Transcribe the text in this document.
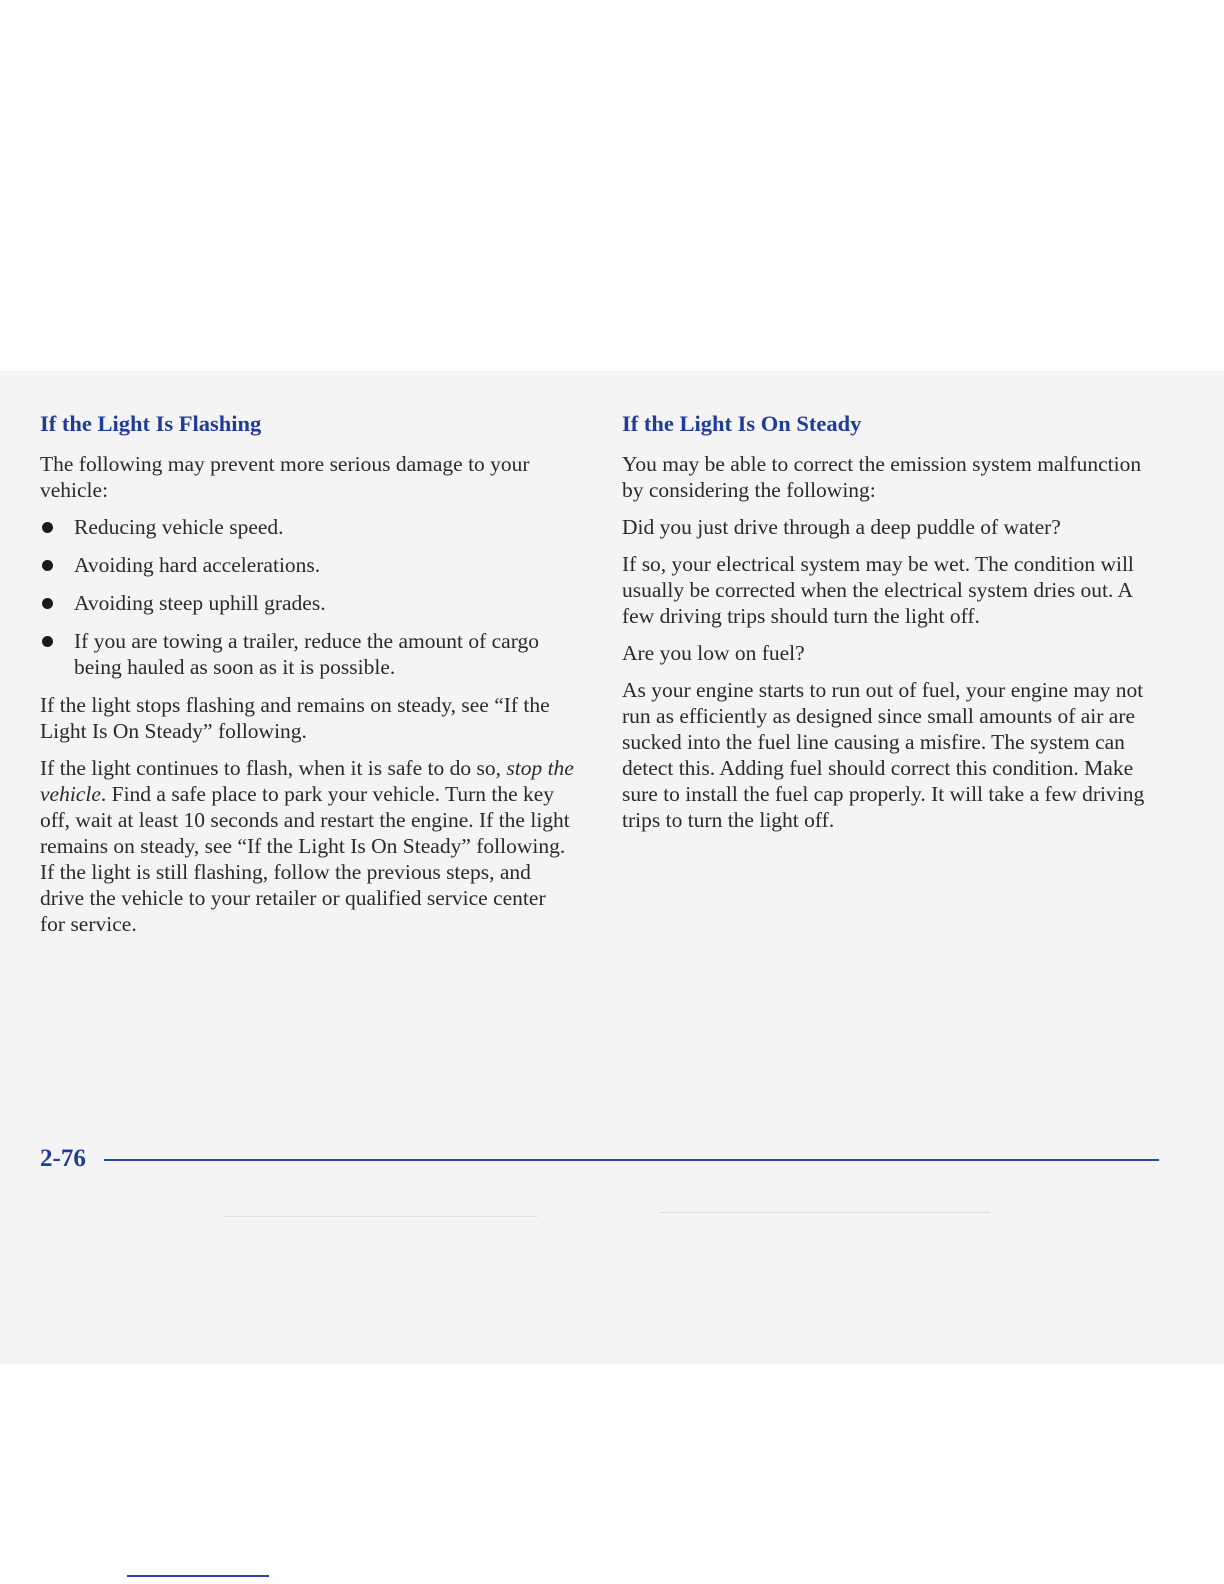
If the Light Is Flashing

The following may prevent more serious damage to your vehicle:

Reducing vehicle speed.
Avoiding hard accelerations.
Avoiding steep uphill grades.
If you are towing a trailer, reduce the amount of cargo being hauled as soon as it is possible.

If the light stops flashing and remains on steady, see “If the Light Is On Steady” following.

If the light continues to flash, when it is safe to do so, stop the vehicle. Find a safe place to park your vehicle. Turn the key off, wait at least 10 seconds and restart the engine. If the light remains on steady, see “If the Light Is On Steady” following. If the light is still flashing, follow the previous steps, and drive the vehicle to your retailer or qualified service center for service.

If the Light Is On Steady

You may be able to correct the emission system malfunction by considering the following:

Did you just drive through a deep puddle of water?

If so, your electrical system may be wet. The condition will usually be corrected when the electrical system dries out. A few driving trips should turn the light off.

Are you low on fuel?

As your engine starts to run out of fuel, your engine may not run as efficiently as designed since small amounts of air are sucked into the fuel line causing a misfire. The system can detect this. Adding fuel should correct this condition. Make sure to install the fuel cap properly. It will take a few driving trips to turn the light off.

2-76
